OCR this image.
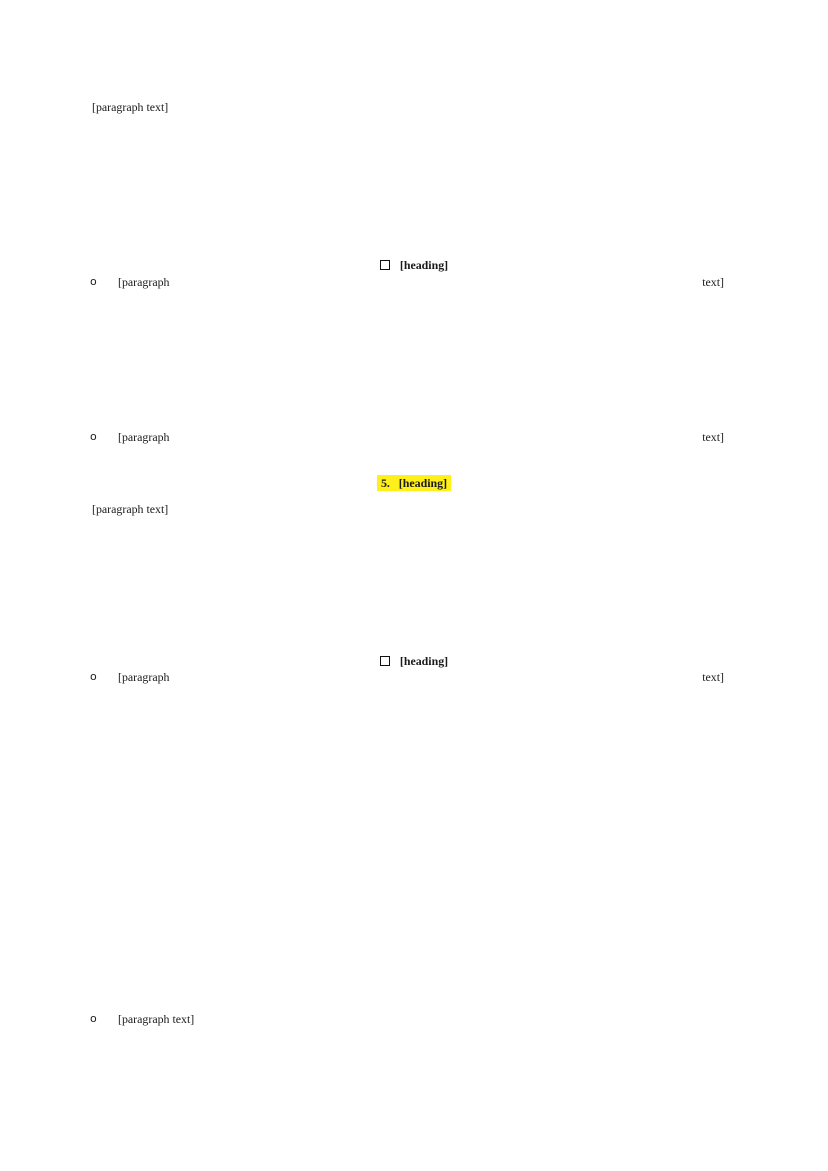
[paragraph text]

[heading]
o [paragraph text]

o [paragraph text]

5. [heading]

[paragraph text]

[heading]
o [paragraph text]

o [paragraph text]
